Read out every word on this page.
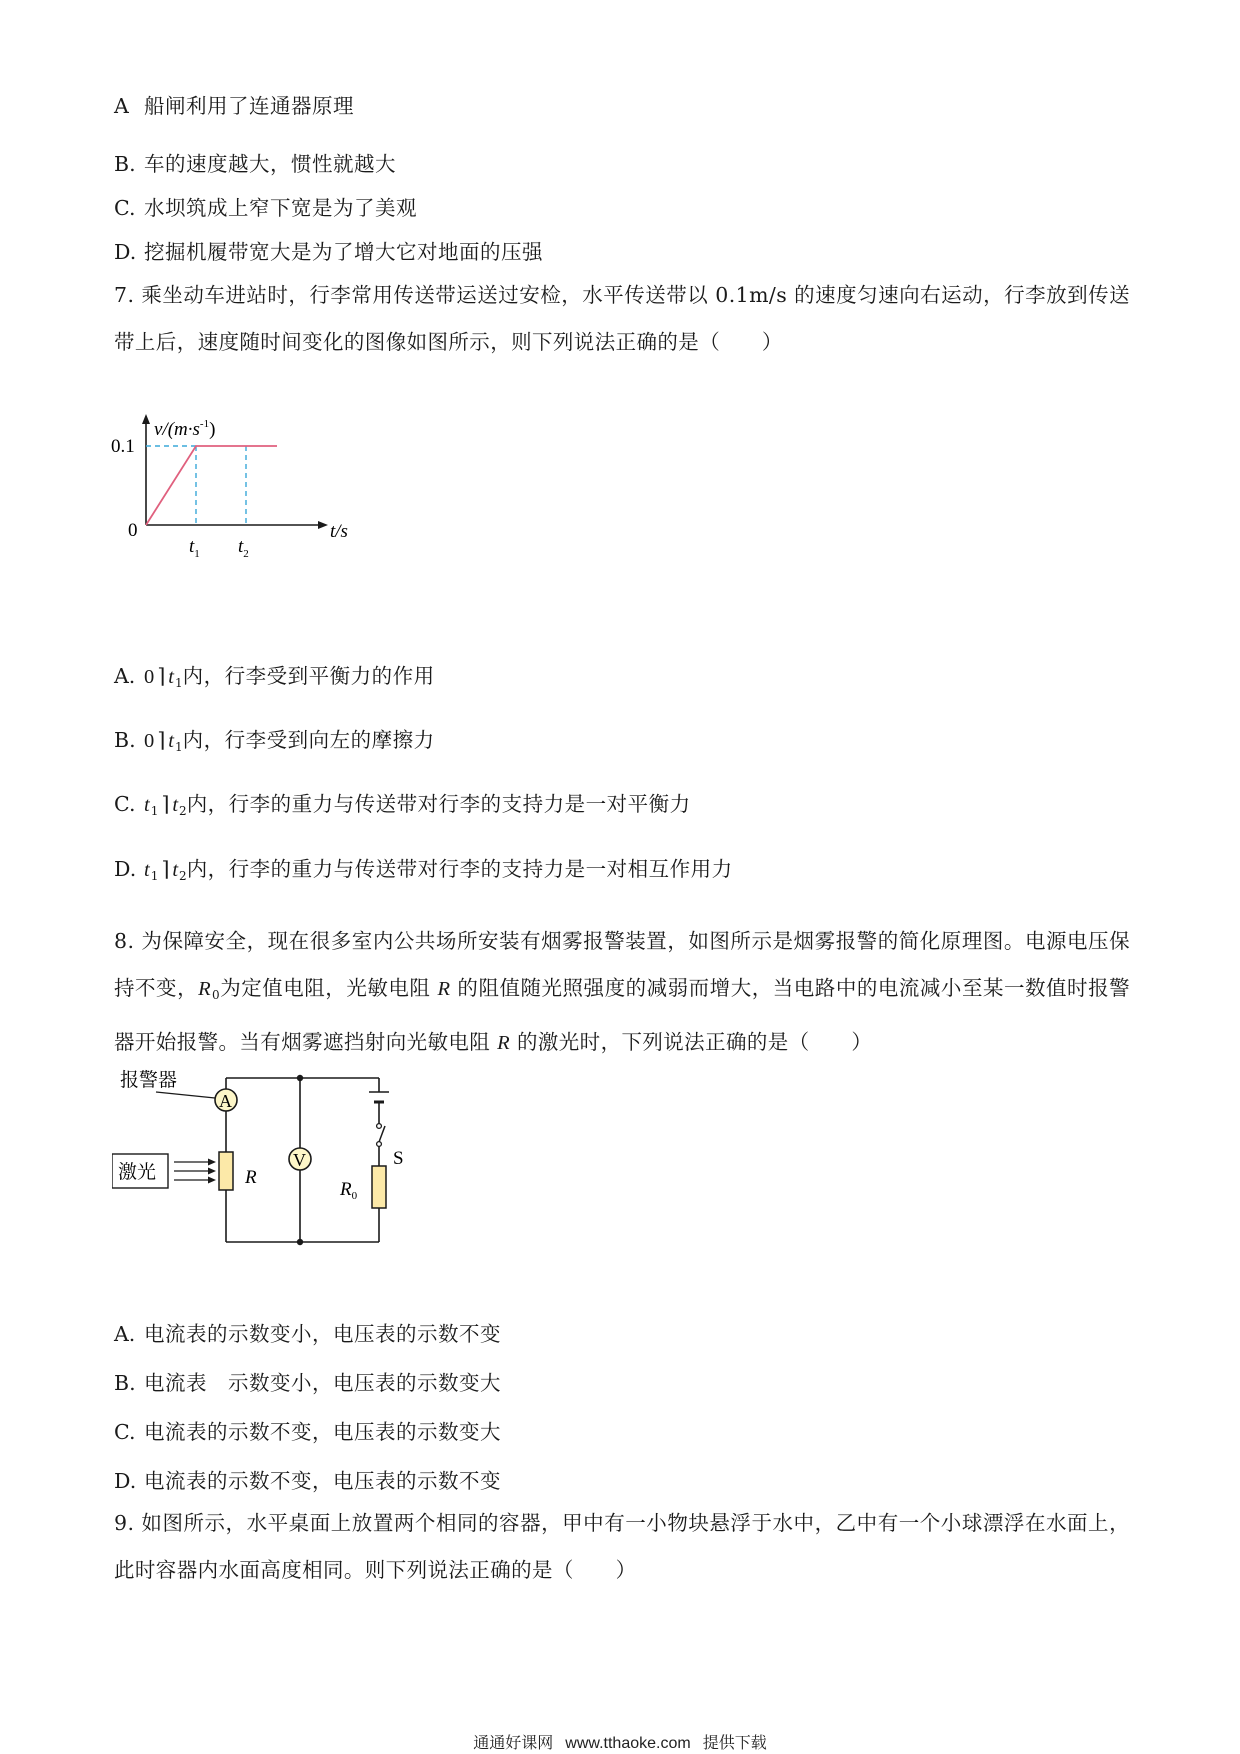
A 船闸利用了连通器原理
B. 车的速度越大，惯性就越大
C. 水坝筑成上窄下宽是为了美观
D. 挖掘机履带宽大是为了增大它对地面的压强
7. 乘坐动车进站时，行李常用传送带运送过安检，水平传送带以 0.1m/s 的速度匀速向右运动，行李放到传送带上后，速度随时间变化的图像如图所示，则下列说法正确的是（　　）
$v/(m\cdot s^{-1})$
0.1
0	t/s
$t_1$ $t_2$
A. 0 ⌉ $t_1$内，行李受到平衡力的作用
B. 0 ⌉ $t_1$内，行李受到向左的摩擦力
C. $t_1$ ⌉ $t_2$内，行李的重力与传送带对行李的支持力是一对平衡力
D. $t_1$ ⌉ $t_2$内，行李的重力与传送带对行李的支持力是一对相互作用力
8. 为保障安全，现在很多室内公共场所安装有烟雾报警装置，如图所示是烟雾报警的简化原理图。电源电压保持不变，$R_0$为定值电阻，光敏电阻 R 的阻值随光照强度的减弱而增大，当电路中的电流减小至某一数值时报警器开始报警。当有烟雾遮挡射向光敏电阻 R 的激光时，下列说法正确的是（　　）
S
A
V
R
$R_0$
报警器
激光
A. 电流表的示数变小，电压表的示数不变
B. 电流表　示数变小，电压表的示数变大
C. 电流表的示数不变，电压表的示数变大
D. 电流表的示数不变，电压表的示数不变
9. 如图所示，水平桌面上放置两个相同的容器，甲中有一小物块悬浮于水中，乙中有一个小球漂浮在水面上，此时容器内水面高度相同。则下列说法正确的是（　　）
通通好课网 www.tthaoke.com 提供下载
